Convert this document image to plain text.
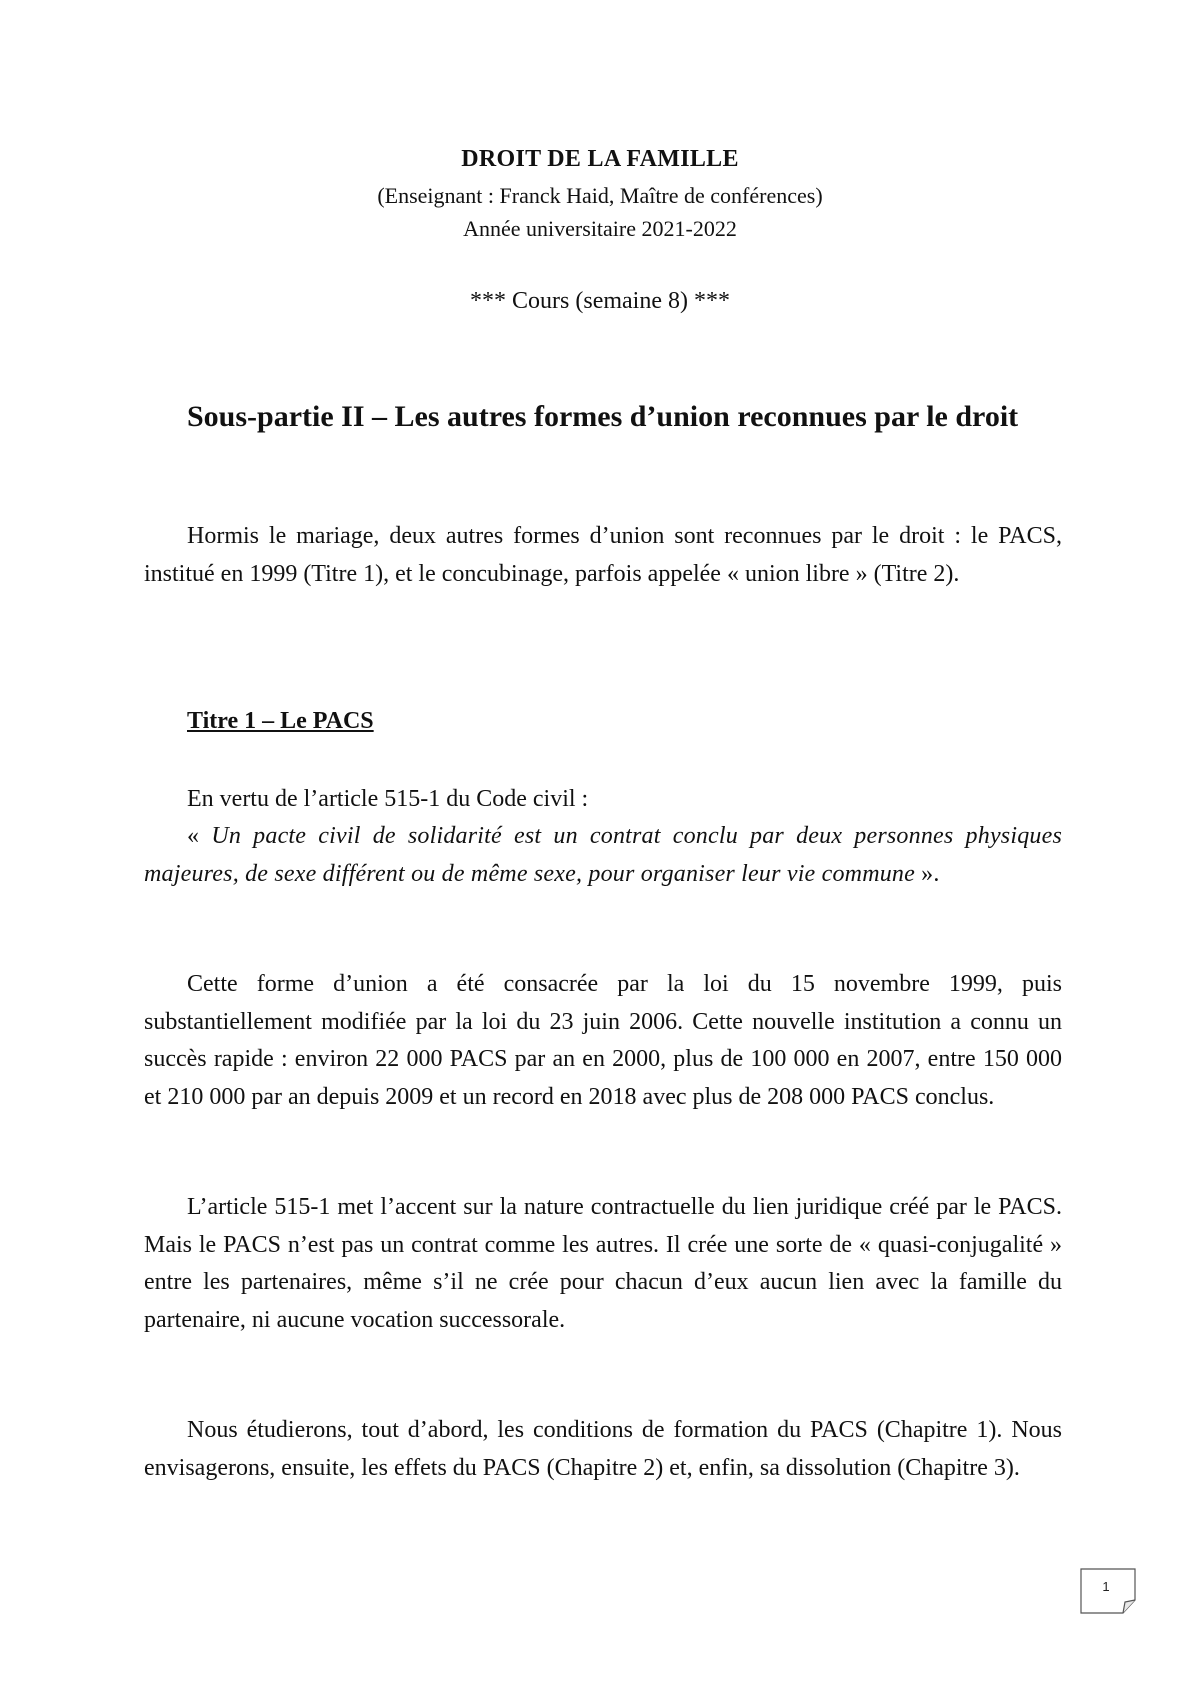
DROIT DE LA FAMILLE
(Enseignant : Franck Haid, Maître de conférences)
Année universitaire 2021-2022
*** Cours (semaine 8) ***
Sous-partie II – Les autres formes d’union reconnues par le droit

Hormis le mariage, deux autres formes d’union sont reconnues par le droit : le PACS, institué en 1999 (Titre 1), et le concubinage, parfois appelée « union libre » (Titre 2).

Titre 1 – Le PACS

En vertu de l’article 515-1 du Code civil :

« Un pacte civil de solidarité est un contrat conclu par deux personnes physiques majeures, de sexe différent ou de même sexe, pour organiser leur vie commune ».

Cette forme d’union a été consacrée par la loi du 15 novembre 1999, puis substantiellement modifiée par la loi du 23 juin 2006. Cette nouvelle institution a connu un succès rapide : environ 22 000 PACS par an en 2000, plus de 100 000 en 2007, entre 150 000 et 210 000 par an depuis 2009 et un record en 2018 avec plus de 208 000 PACS conclus.

L’article 515-1 met l’accent sur la nature contractuelle du lien juridique créé par le PACS. Mais le PACS n’est pas un contrat comme les autres. Il crée une sorte de « quasi-conjugalité » entre les partenaires, même s’il ne crée pour chacun d’eux aucun lien avec la famille du partenaire, ni aucune vocation successorale.

Nous étudierons, tout d’abord, les conditions de formation du PACS (Chapitre 1). Nous envisagerons, ensuite, les effets du PACS (Chapitre 2) et, enfin, sa dissolution (Chapitre 3).

1
